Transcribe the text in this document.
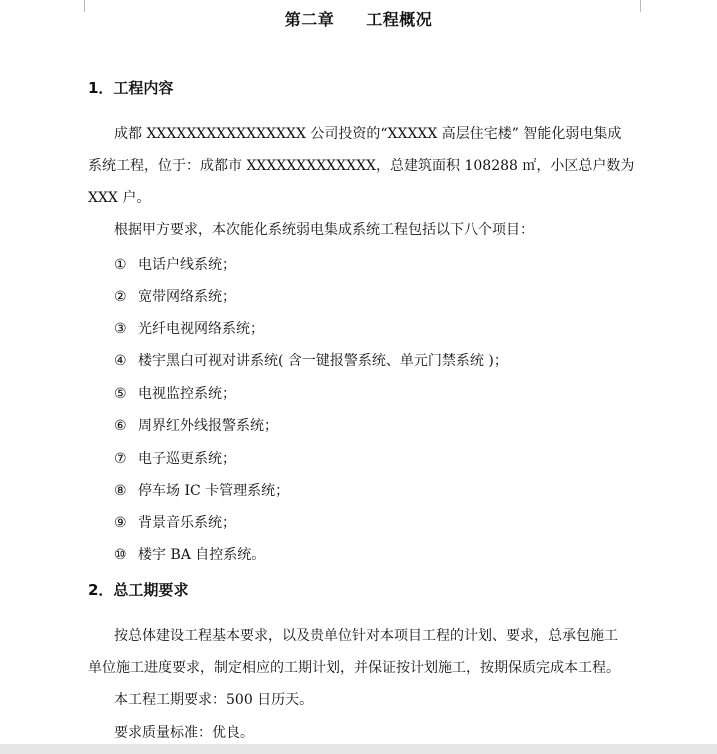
第二章 工程概况
1．工程内容
成都 XXXXXXXXXXXXXXXX 公司投资的“XXXXX 高层住宅楼” 智能化弱电集成
系统工程，位于：成都市 XXXXXXXXXXXXX，总建筑面积 108288 ㎡，小区总户数为
XXX 户。
根据甲方要求，本次能化系统弱电集成系统工程包括以下八个项目：
① 电话户线系统；
② 宽带网络系统；
③ 光纤电视网络系统；
④ 楼宇黑白可视对讲系统( 含一键报警系统、单元门禁系统 )；
⑤ 电视监控系统；
⑥ 周界红外线报警系统；
⑦ 电子巡更系统；
⑧ 停车场 IC 卡管理系统；
⑨ 背景音乐系统；
⑩ 楼宇 BA 自控系统。
2．总工期要求
按总体建设工程基本要求，以及贵单位针对本项目工程的计划、要求，总承包施工
单位施工进度要求，制定相应的工期计划，并保证按计划施工，按期保质完成本工程。
本工程工期要求：500 日历天。
要求质量标准：优良。
